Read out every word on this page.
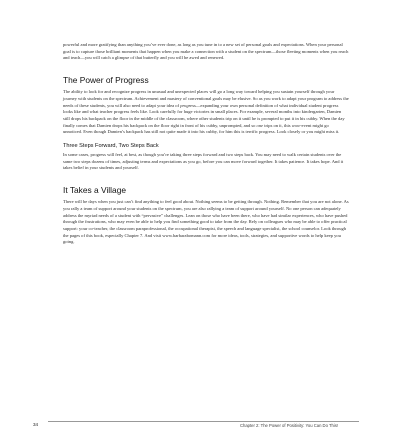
powerful and more gratifying than anything you’ve ever done, as long as you tune in to a new set of personal goals and expectations. When your personal goal is to capture those brilliant moments that happen when you make a connection with a student on the spectrum—those fleeting moments when you reach and teach—you will catch a glimpse of that butterfly and you will be awed and renewed.

The Power of Progress

The ability to look for and recognize progress in unusual and unexpected places will go a long way toward helping you sustain yourself through your journey with students on the spectrum. Achievement and mastery of conventional goals may be elusive. So as you work to adapt your program to address the needs of these students, you will also need to adapt your idea of progress—expanding your own personal definition of what individual student progress looks like and what teacher progress feels like. Look carefully for huge victories in small places. For example, several months into kindergarten, Damien still drops his backpack on the floor in the middle of the classroom, where other students trip on it until he is prompted to put it in his cubby. When the day finally comes that Damien drops his backpack on the floor right in front of his cubby, unprompted, and so one trips on it, this wow-event might go unnoticed. Even though Damien’s backpack has still not quite made it into his cubby, for him this is terrific progress. Look closely or you might miss it.

Three Steps Forward, Two Steps Back

In some cases, progress will feel, at best, as though you’re taking three steps forward and two steps back. You may need to walk certain students over the same two steps dozens of times, adjusting terms and expectations as you go, before you can move forward together. It takes patience. It takes hope. And it takes belief in your students and yourself.

It Takes a Village

There will be days when you just can’t find anything to feel good about. Nothing seems to be getting through. Nothing. Remember that you are not alone. As you rally a team of support around your students on the spectrum, you are also rallying a team of support around yourself. No one person can adequately address the myriad needs of a student with “pervasive” challenges. Lean on those who have been there, who have had similar experiences, who have pushed through the frustrations, who may even be able to help you find something good to take from the day. Rely on colleagues who may be able to offer practical support: your co-teacher, the classroom paraprofessional, the occupational therapist, the speech and language specialist, the school counselor. Look through the pages of this book, especially Chapter 7. And visit www.barbarabomann.com for more ideas, tools, strategies, and supportive words to help keep you going.

34	Chapter 2: The Power of Positivity: You Can Do This!
